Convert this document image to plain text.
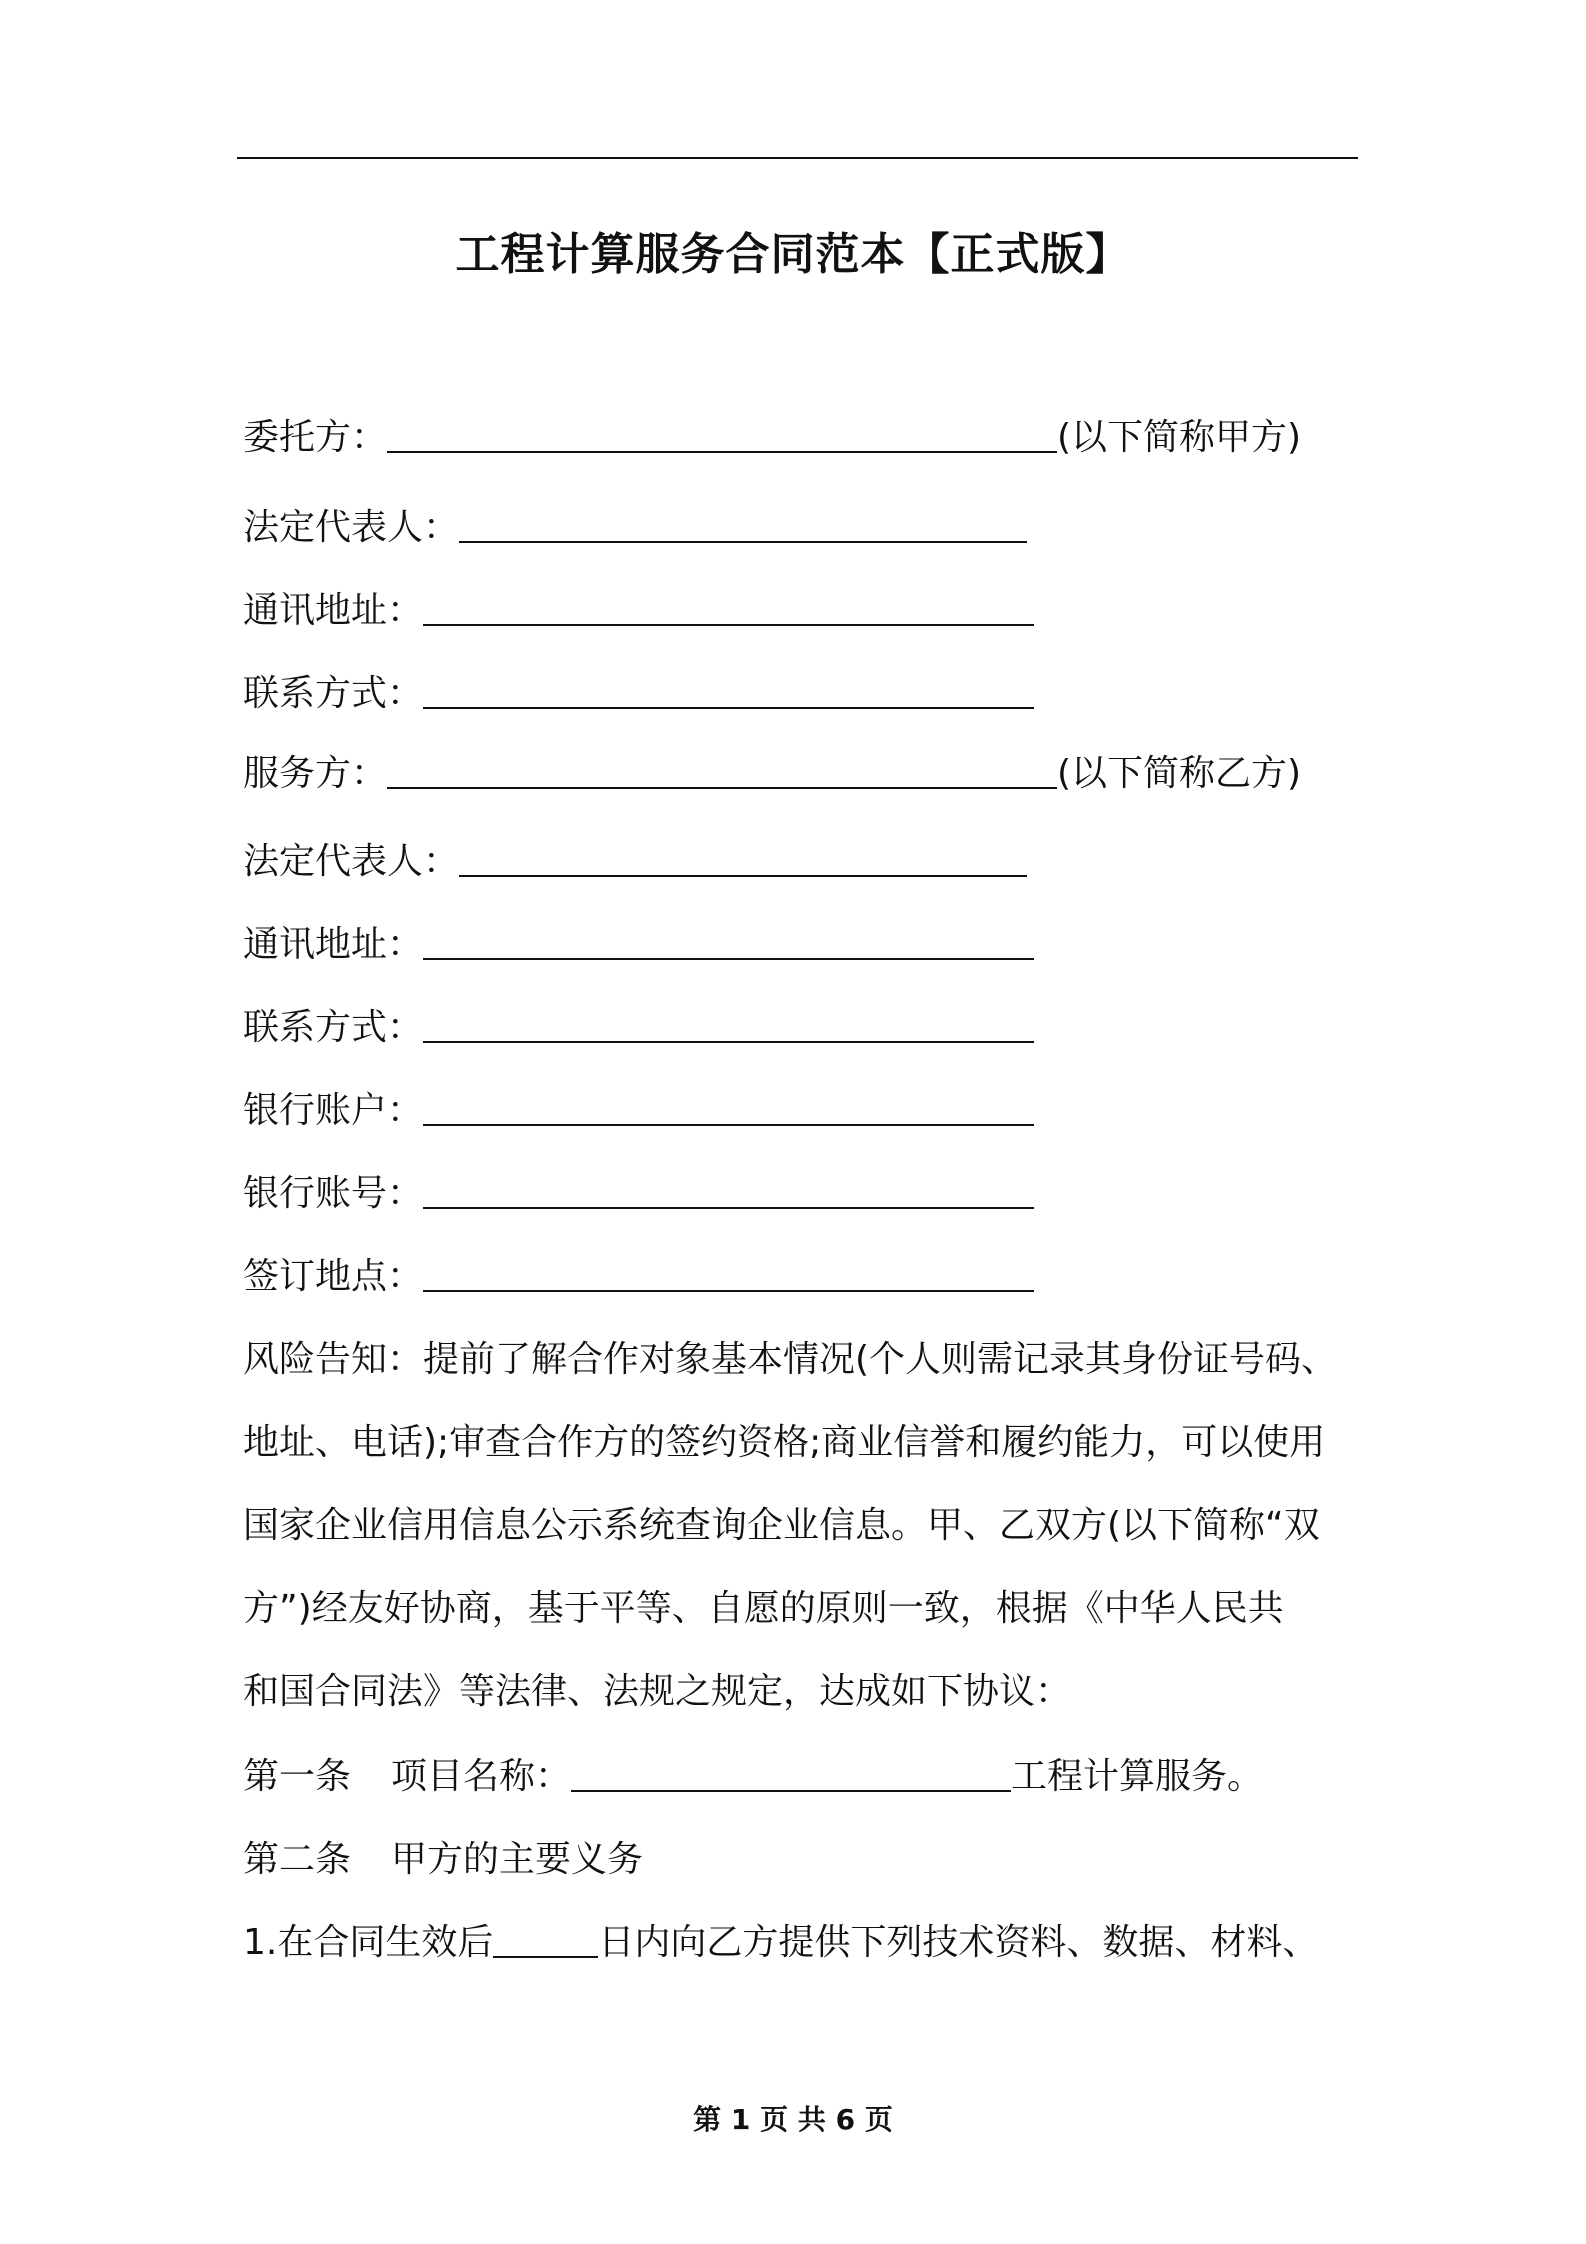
工程计算服务合同范本【正式版】
委托方：	(以下简称甲方)
法定代表人：
通讯地址：
联系方式：
服务方：	(以下简称乙方)
法定代表人：
通讯地址：
联系方式：
银行账户：
银行账号：
签订地点：
风险告知：提前了解合作对象基本情况(个人则需记录其身份证号码、
地址、电话);审查合作方的签约资格;商业信誉和履约能力，可以使用
国家企业信用信息公示系统查询企业信息。甲、乙双方(以下简称“双
方”)经友好协商，基于平等、自愿的原则一致，根据《中华人民共
和国合同法》等法律、法规之规定，达成如下协议：
第一条 项目名称：	工程计算服务。
第二条 甲方的主要义务
1.在合同生效后	日内向乙方提供下列技术资料、数据、材料、
第 1 页 共 6 页
